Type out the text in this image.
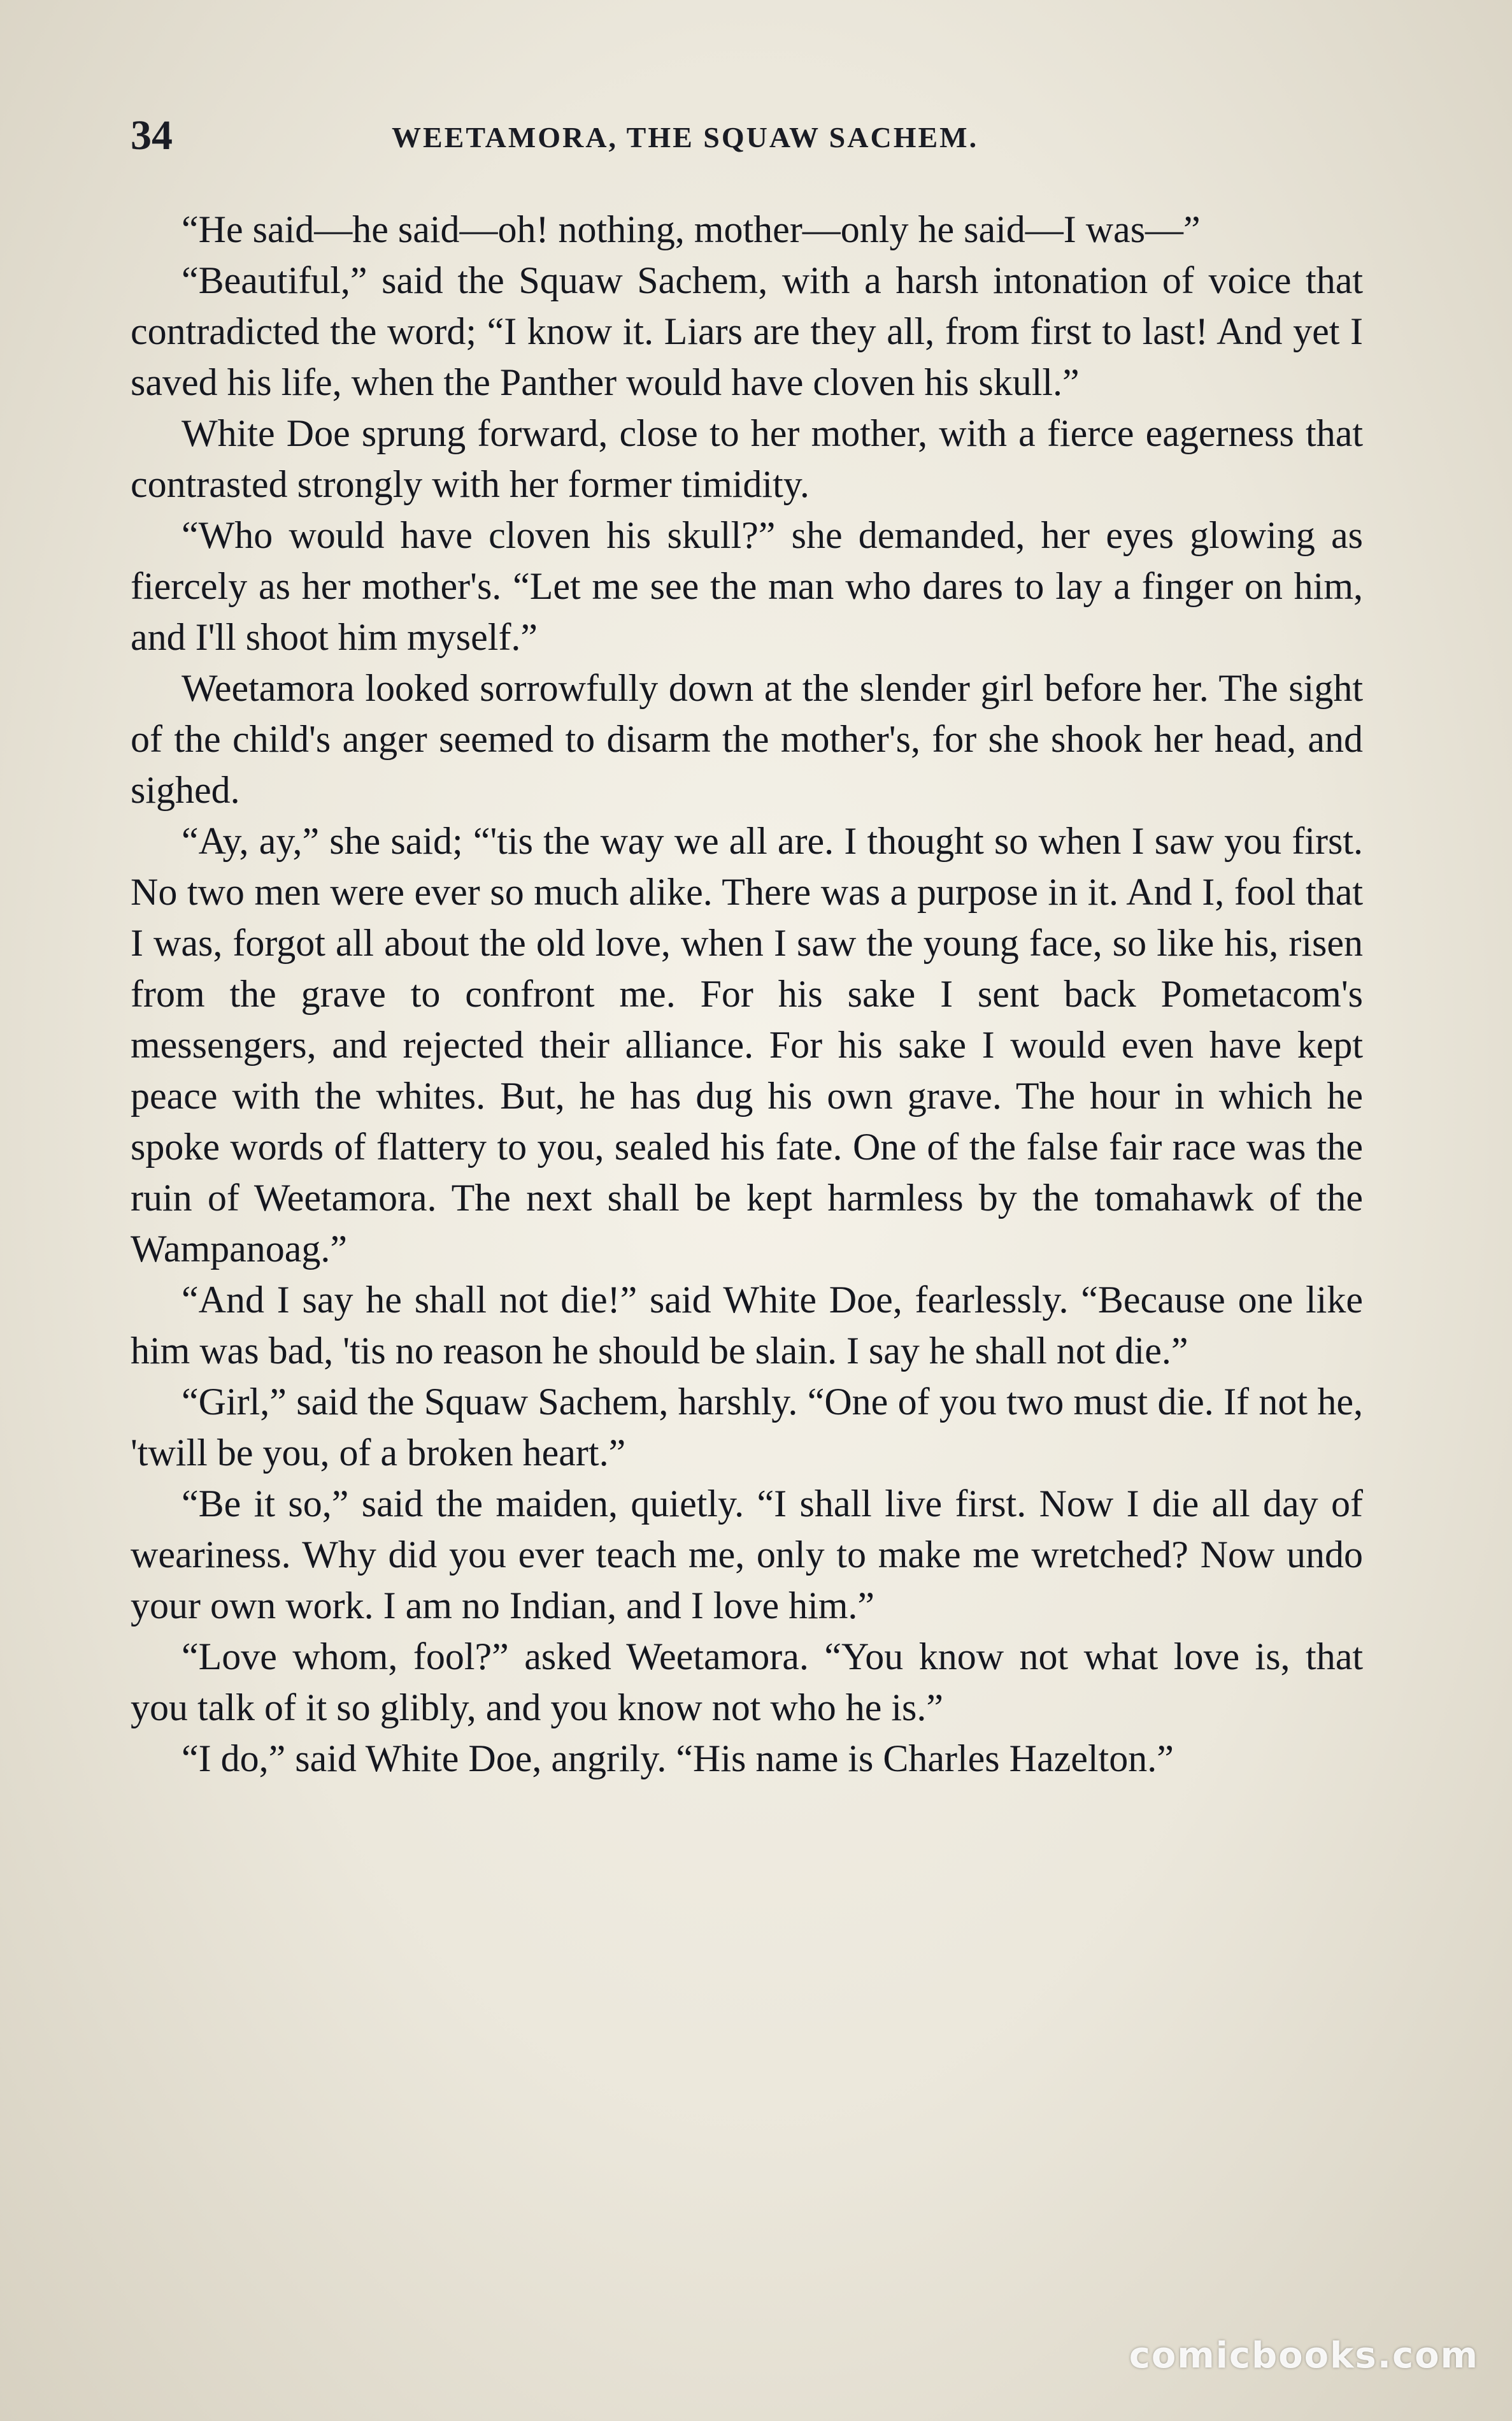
34	WEETAMORA, THE SQUAW SACHEM.

“He said—he said—oh! nothing, mother—only he said—I was—”

“Beautiful,” said the Squaw Sachem, with a harsh intonation of voice that contradicted the word; “I know it. Liars are they all, from first to last! And yet I saved his life, when the Panther would have cloven his skull.”

White Doe sprung forward, close to her mother, with a fierce eagerness that contrasted strongly with her former timidity.

“Who would have cloven his skull?” she demanded, her eyes glowing as fiercely as her mother's. “Let me see the man who dares to lay a finger on him, and I'll shoot him myself.”

Weetamora looked sorrowfully down at the slender girl before her. The sight of the child's anger seemed to disarm the mother's, for she shook her head, and sighed.

“Ay, ay,” she said; “'tis the way we all are. I thought so when I saw you first. No two men were ever so much alike. There was a purpose in it. And I, fool that I was, forgot all about the old love, when I saw the young face, so like his, risen from the grave to confront me. For his sake I sent back Pometacom's messengers, and rejected their alliance. For his sake I would even have kept peace with the whites. But, he has dug his own grave. The hour in which he spoke words of flattery to you, sealed his fate. One of the false fair race was the ruin of Weetamora. The next shall be kept harmless by the tomahawk of the Wampanoag.”

“And I say he shall not die!” said White Doe, fearlessly. “Because one like him was bad, 'tis no reason he should be slain. I say he shall not die.”

“Girl,” said the Squaw Sachem, harshly. “One of you two must die. If not he, 'twill be you, of a broken heart.”

“Be it so,” said the maiden, quietly. “I shall live first. Now I die all day of weariness. Why did you ever teach me, only to make me wretched? Now undo your own work. I am no Indian, and I love him.”

“Love whom, fool?” asked Weetamora. “You know not what love is, that you talk of it so glibly, and you know not who he is.”

“I do,” said White Doe, angrily. “His name is Charles Hazelton.”

comicbooks.com
